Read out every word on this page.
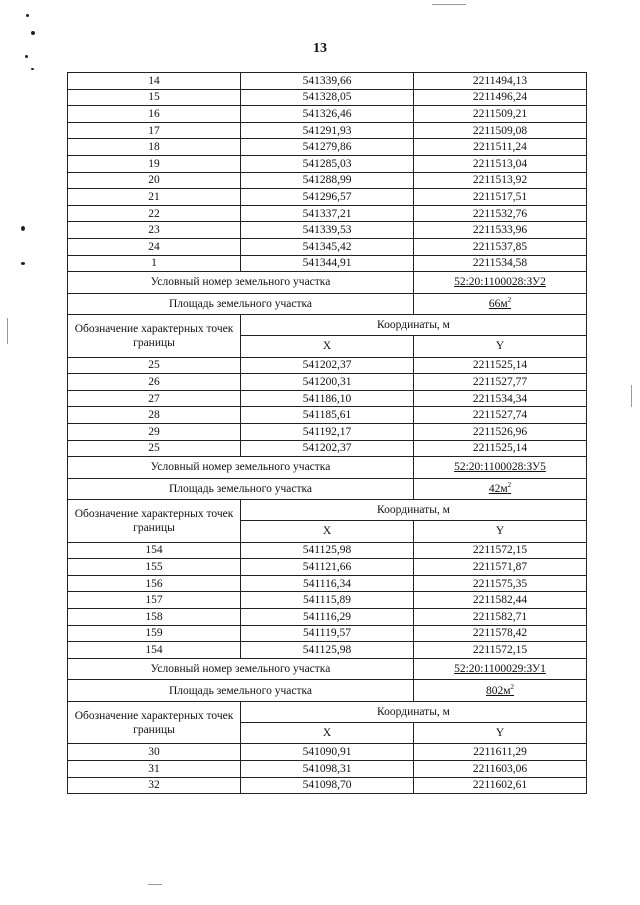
13
14	541339,66	2211494,13
15	541328,05	2211496,24
16	541326,46	2211509,21
17	541291,93	2211509,08
18	541279,86	2211511,24
19	541285,03	2211513,04
20	541288,99	2211513,92
21	541296,57	2211517,51
22	541337,21	2211532,76
23	541339,53	2211533,96
24	541345,42	2211537,85
1	541344,91	2211534,58
Условный номер земельного участка		52:20:1100028:ЗУ2
Площадь земельного участка		$66м^2$
Обозначение характерных точек границы	Координаты, м	
	X	Y
25	541202,37	2211525,14
26	541200,31	2211527,77
27	541186,10	2211534,34
28	541185,61	2211527,74
29	541192,17	2211526,96
25	541202,37	2211525,14
Условный номер земельного участка		52:20:1100028:ЗУ5
Площадь земельного участка		$42м^2$
Обозначение характерных точек границы	Координаты, м	
	X	Y
154	541125,98	2211572,15
155	541121,66	2211571,87
156	541116,34	2211575,35
157	541115,89	2211582,44
158	541116,29	2211582,71
159	541119,57	2211578,42
154	541125,98	2211572,15
Условный номер земельного участка		52:20:1100029:ЗУ1
Площадь земельного участка		$802м^2$
Обозначение характерных точек границы	Координаты, м	
	X	Y
30	541090,91	2211611,29
31	541098,31	2211603,06
32	541098,70	2211602,61
